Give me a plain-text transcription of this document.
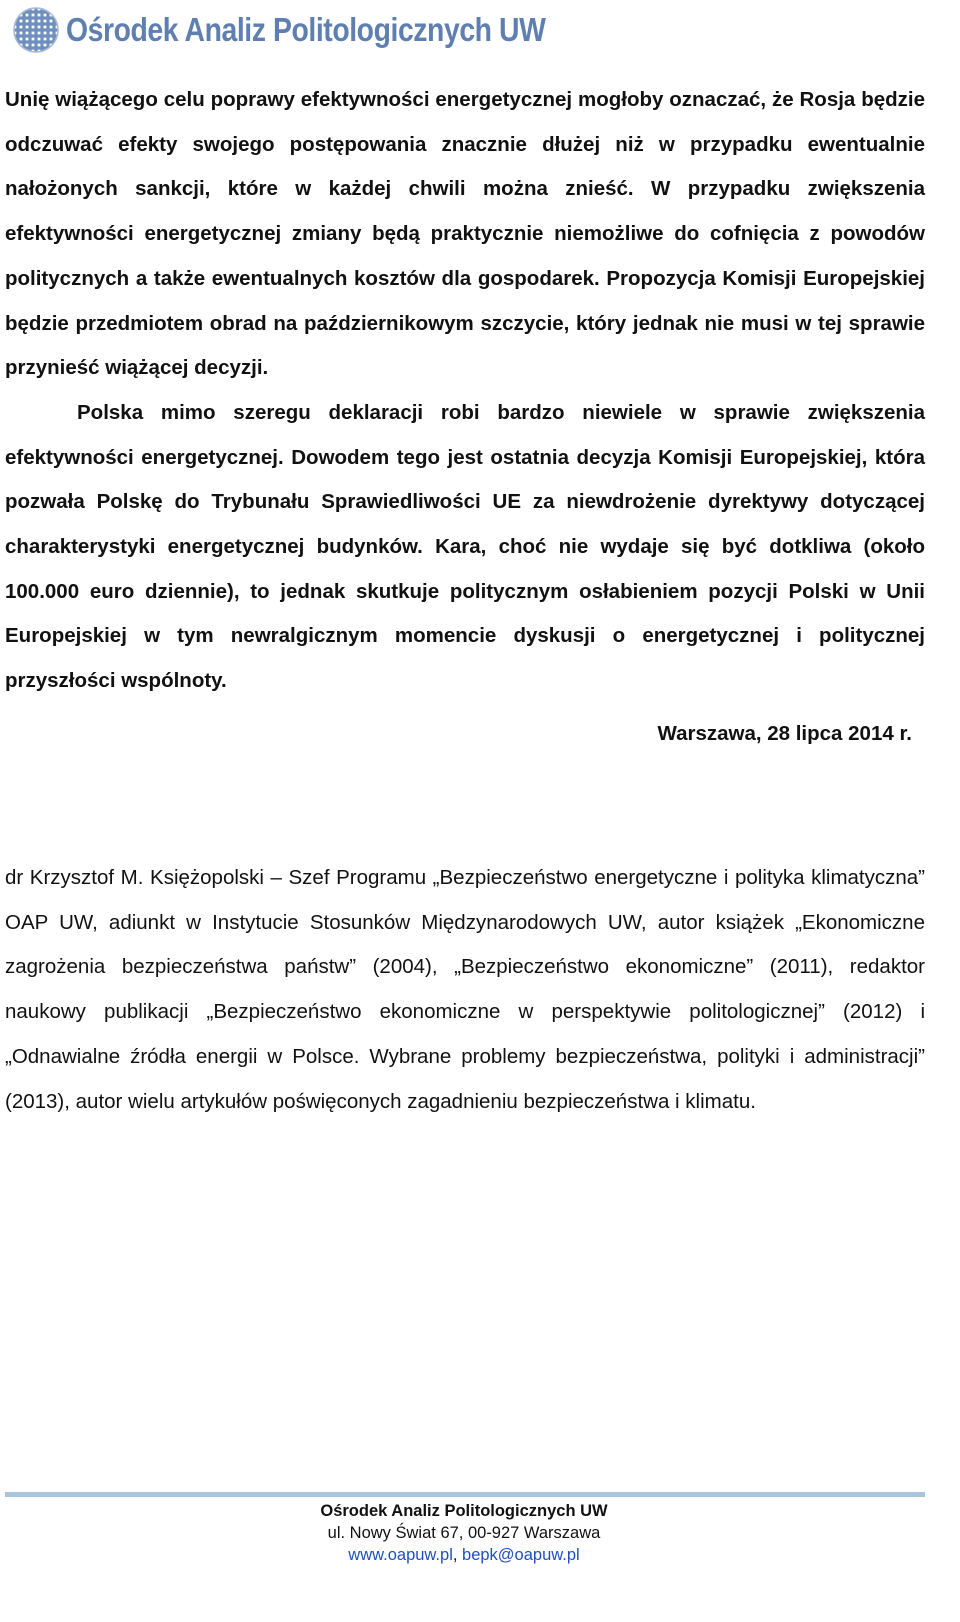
Ośrodek Analiz Politologicznych UW

Unię wiążącego celu poprawy efektywności energetycznej mogłoby oznaczać, że Rosja będzie odczuwać efekty swojego postępowania znacznie dłużej niż w przypadku ewentualnie nałożonych sankcji, które w każdej chwili można znieść. W przypadku zwiększenia efektywności energetycznej zmiany będą praktycznie niemożliwe do cofnięcia z powodów politycznych a także ewentualnych kosztów dla gospodarek. Propozycja Komisji Europejskiej będzie przedmiotem obrad na październikowym szczycie, który jednak nie musi w tej sprawie przynieść wiążącej decyzji.

Polska mimo szeregu deklaracji robi bardzo niewiele w sprawie zwiększenia efektywności energetycznej. Dowodem tego jest ostatnia decyzja Komisji Europejskiej, która pozwała Polskę do Trybunału Sprawiedliwości UE za niewdrożenie dyrektywy dotyczącej charakterystyki energetycznej budynków. Kara, choć nie wydaje się być dotkliwa (około 100.000 euro dziennie), to jednak skutkuje politycznym osłabieniem pozycji Polski w Unii Europejskiej w tym newralgicznym momencie dyskusji o energetycznej i politycznej przyszłości wspólnoty.

Warszawa, 28 lipca 2014 r.

dr Krzysztof M. Księżopolski – Szef Programu „Bezpieczeństwo energetyczne i polityka klimatyczna” OAP UW, adiunkt w Instytucie Stosunków Międzynarodowych UW, autor książek „Ekonomiczne zagrożenia bezpieczeństwa państw” (2004), „Bezpieczeństwo ekonomiczne” (2011), redaktor naukowy publikacji „Bezpieczeństwo ekonomiczne w perspektywie politologicznej” (2012) i „Odnawialne źródła energii w Polsce. Wybrane problemy bezpieczeństwa, polityki i administracji” (2013), autor wielu artykułów poświęconych zagadnieniu bezpieczeństwa i klimatu.

Ośrodek Analiz Politologicznych UW
ul. Nowy Świat 67, 00-927 Warszawa
www.oapuw.pl, bepk@oapuw.pl
